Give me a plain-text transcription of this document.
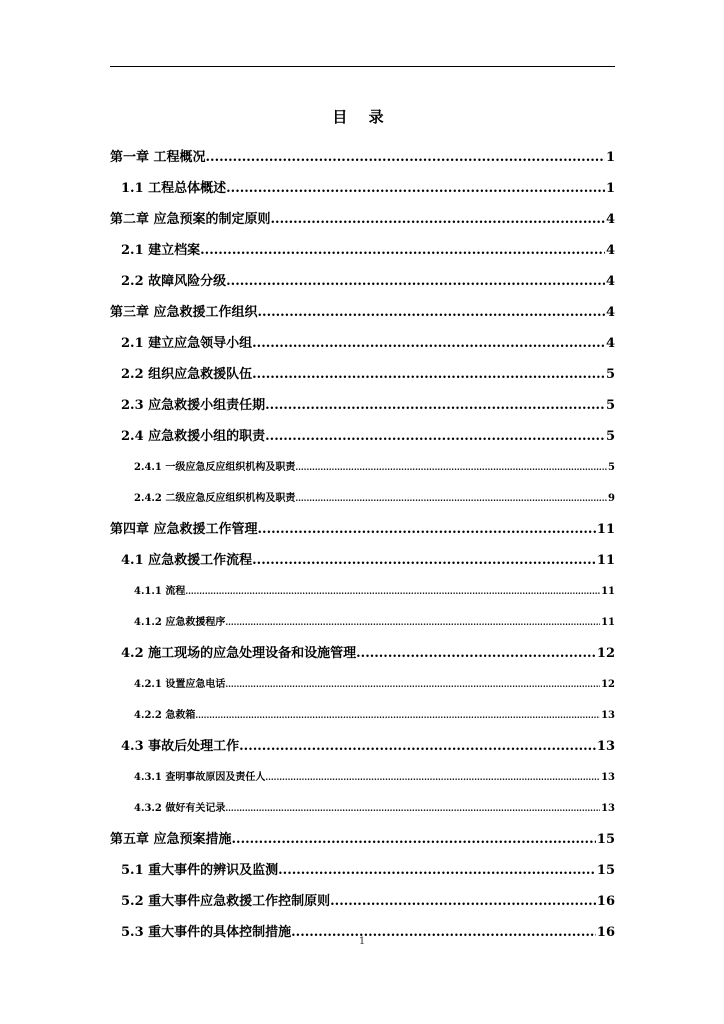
目 录
第一章 工程概况 .....	1
1.1 工程总体概述 .....	1
第二章 应急预案的制定原则 .....	4
2.1 建立档案 .....	4
2.2 故障风险分级 .....	4
第三章 应急救援工作组织 .....	4
2.1 建立应急领导小组 .....	4
2.2 组织应急救援队伍 .....	5
2.3 应急救援小组责任期 .....	5
2.4 应急救援小组的职责 .....	5
2.4.1 一级应急反应组织机构及职责 .....	5
2.4.2 二级应急反应组织机构及职责 .....	9
第四章 应急救援工作管理 .....	11
4.1 应急救援工作流程 .....	11
4.1.1 流程 .....	11
4.1.2 应急救援程序 .....	11
4.2 施工现场的应急处理设备和设施管理 .....	12
4.2.1 设置应急电话 .....	12
4.2.2 急救箱 .....	13
4.3 事故后处理工作 .....	13
4.3.1 查明事故原因及责任人 .....	13
4.3.2 做好有关记录 .....	13
第五章 应急预案措施 .....	15
5.1 重大事件的辨识及监测 .....	15
5.2 重大事件应急救援工作控制原则 .....	16
5.3 重大事件的具体控制措施 .....	16
1
